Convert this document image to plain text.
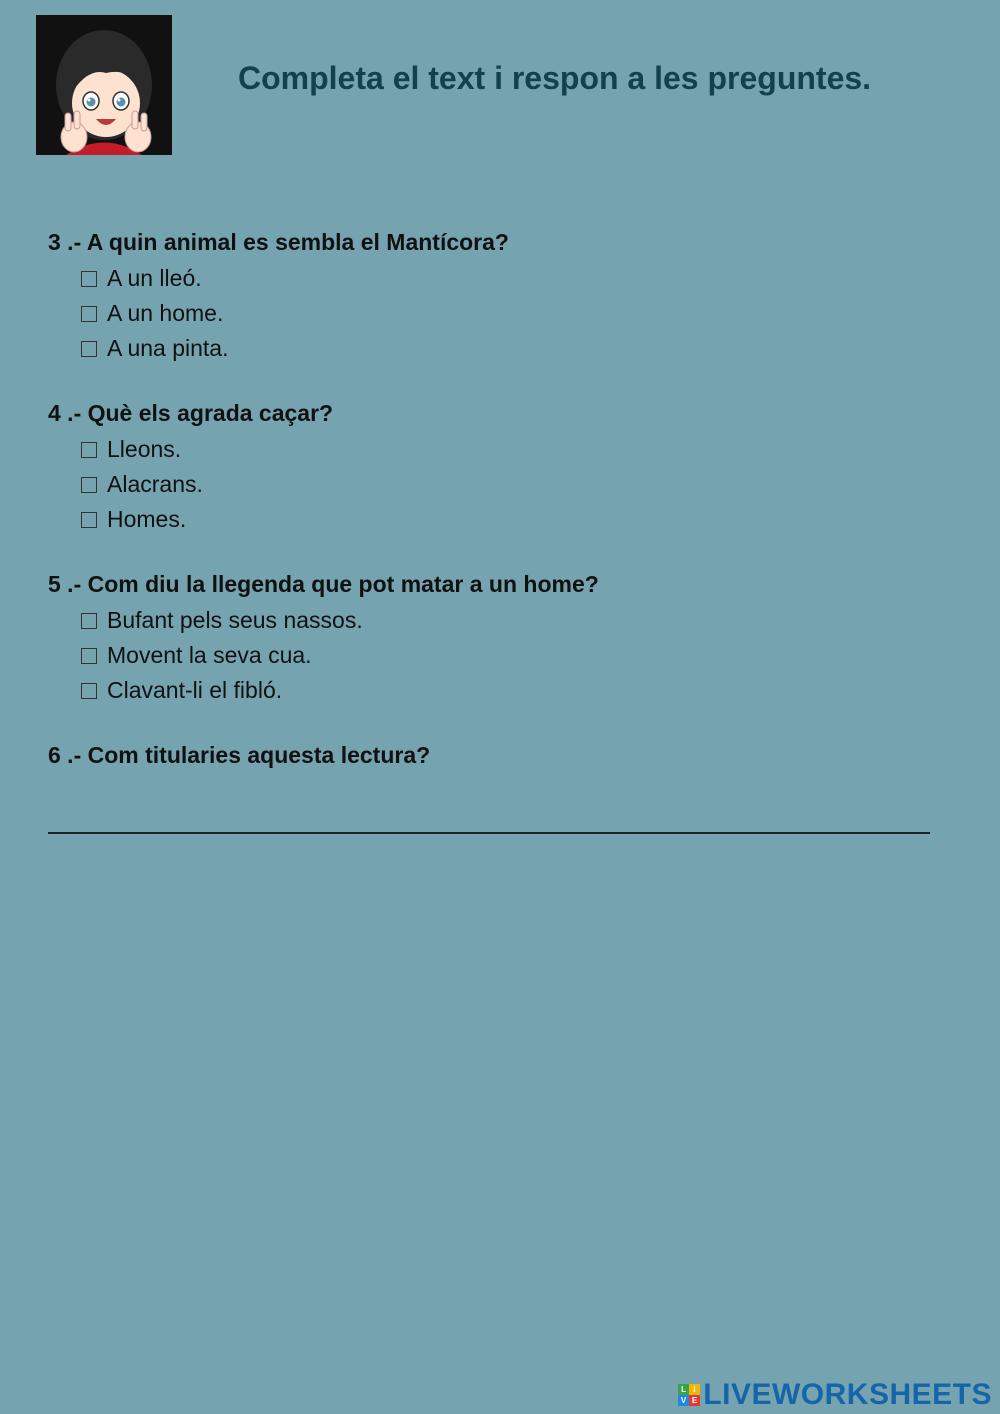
Completa el text i respon a les preguntes.

3 .- A quin animal es sembla el Mantícora?

A un lleó.
A un home.
A una pinta.

4 .- Què els agrada caçar?

Lleons.
Alacrans.
Homes.

5 .- Com diu la llegenda que pot matar a un home?

Bufant pels seus nassos.
Movent la seva cua.
Clavant-li el fibló.

6 .- Com titularies aquesta lectura?

L I
V E LIVEWORKSHEETS
